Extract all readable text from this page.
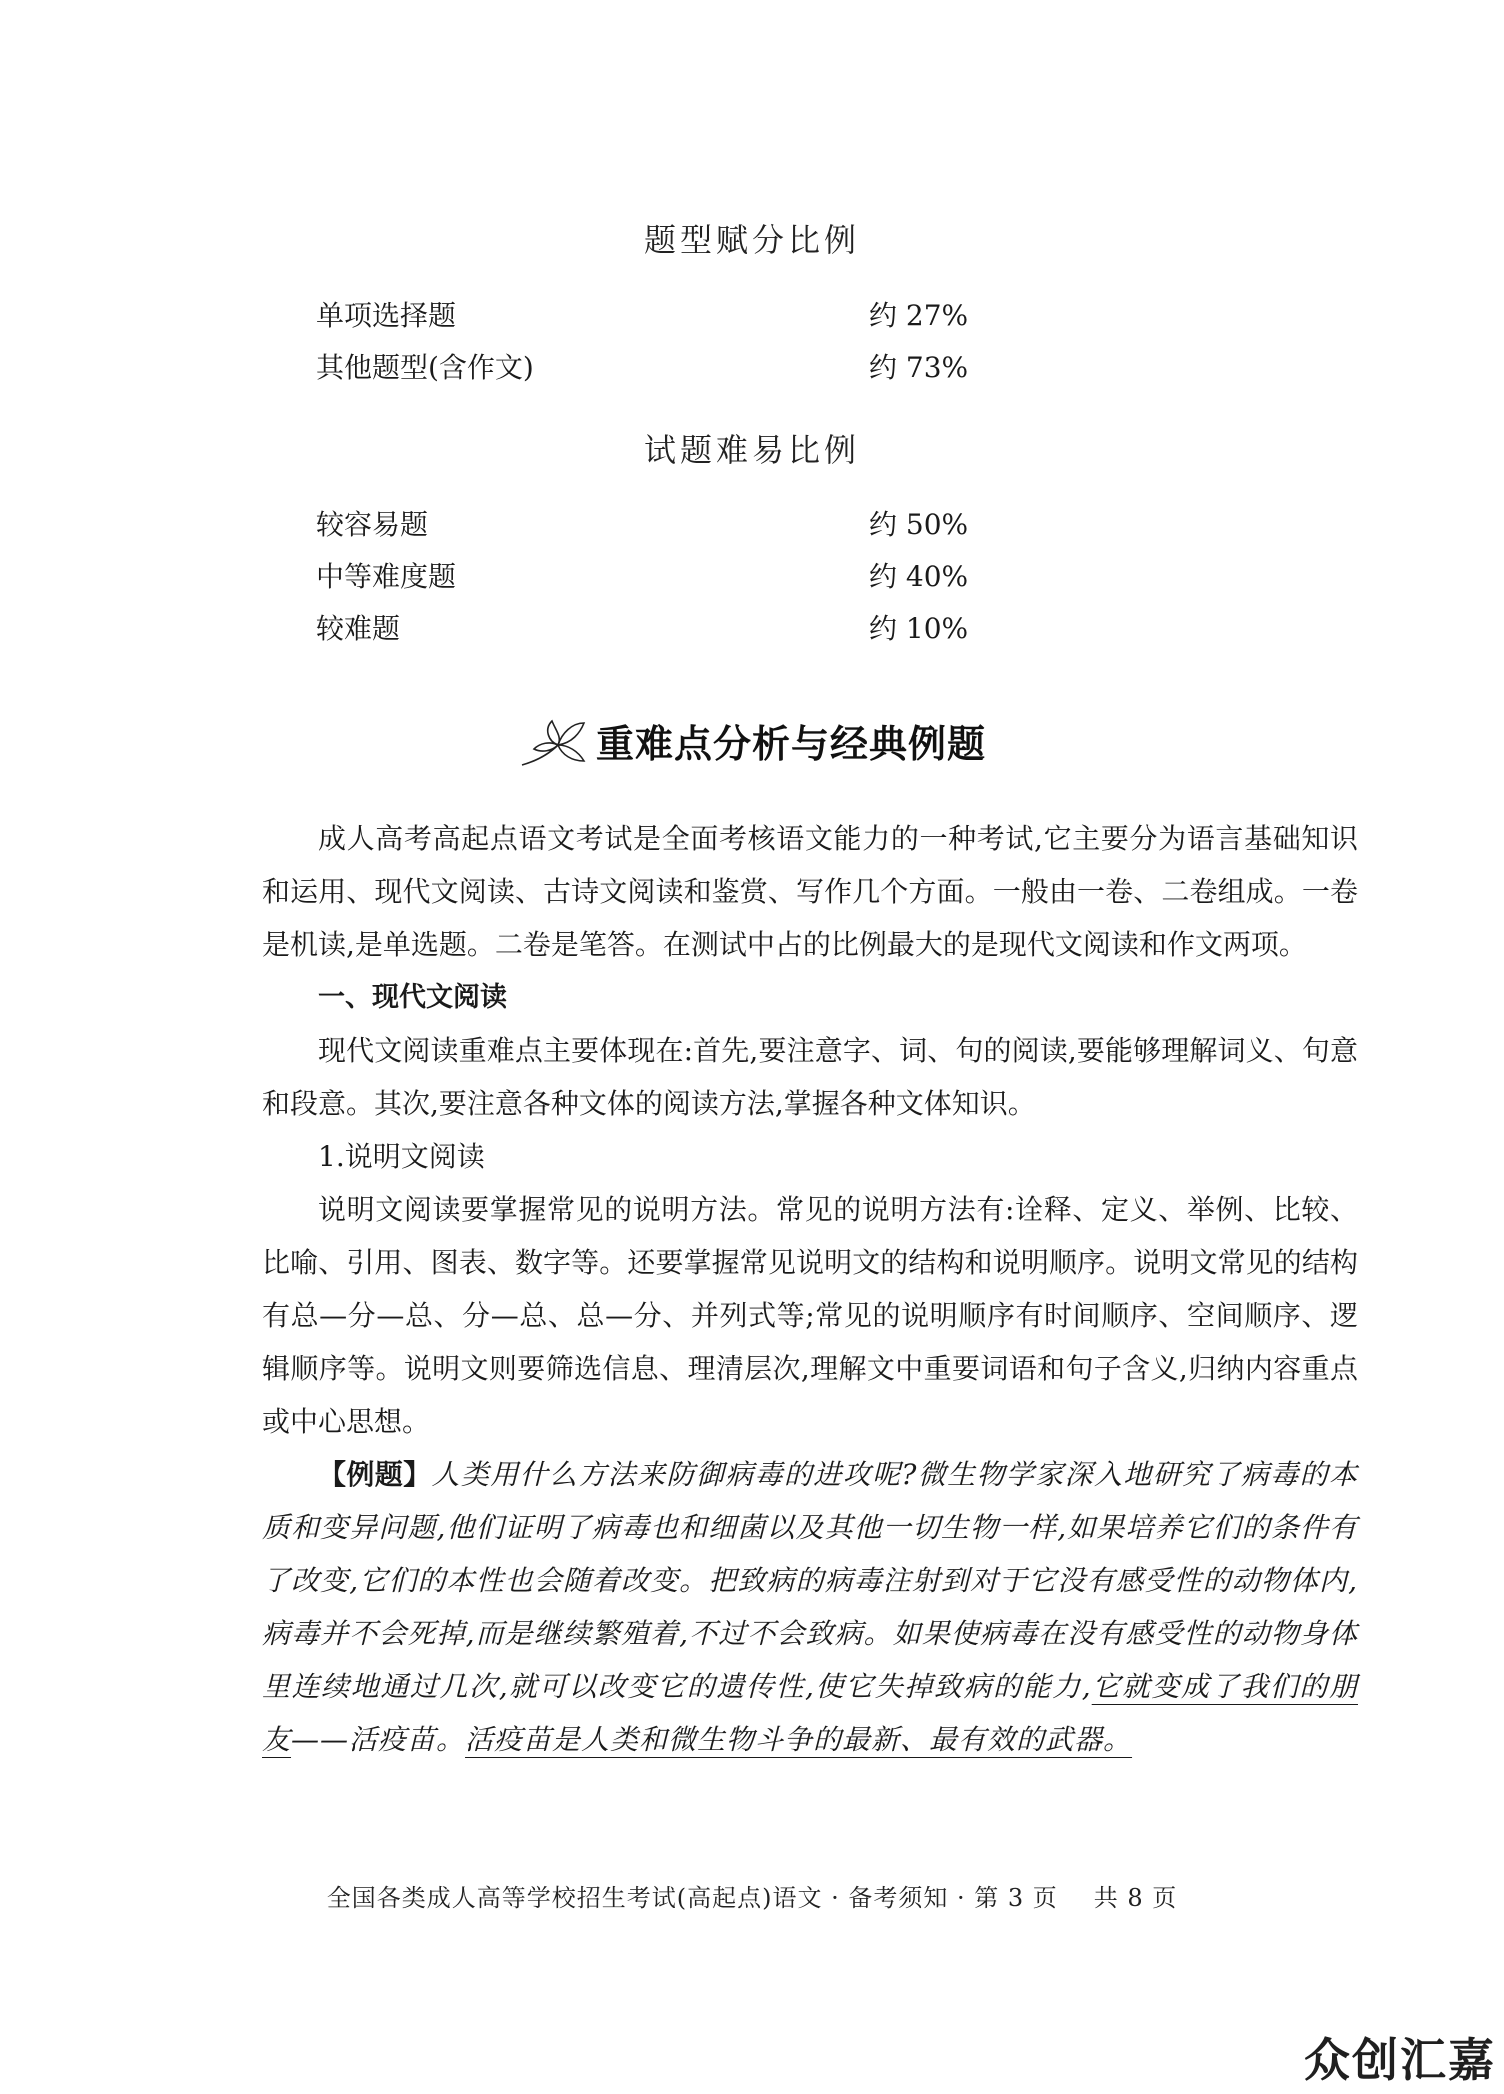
题型赋分比例
单项选择题	约 27%
其他题型(含作文)	约 73%
试题难易比例
较容易题	约 50%
中等难度题	约 40%
较难题	约 10%
重难点分析与经典例题

成人高考高起点语文考试是全面考核语文能力的一种考试,它主要分为语言基础知识和运用、现代文阅读、古诗文阅读和鉴赏、写作几个方面。一般由一卷、二卷组成。一卷是机读,是单选题。二卷是笔答。在测试中占的比例最大的是现代文阅读和作文两项。

一、现代文阅读

现代文阅读重难点主要体现在:首先,要注意字、词、句的阅读,要能够理解词义、句意和段意。其次,要注意各种文体的阅读方法,掌握各种文体知识。

1.说明文阅读

说明文阅读要掌握常见的说明方法。常见的说明方法有:诠释、定义、举例、比较、比喻、引用、图表、数字等。还要掌握常见说明文的结构和说明顺序。说明文常见的结构有总—分—总、分—总、总—分、并列式等;常见的说明顺序有时间顺序、空间顺序、逻辑顺序等。说明文则要筛选信息、理清层次,理解文中重要词语和句子含义,归纳内容重点或中心思想。

【例题】人类用什么方法来防御病毒的进攻呢?微生物学家深入地研究了病毒的本质和变异问题,他们证明了病毒也和细菌以及其他一切生物一样,如果培养它们的条件有了改变,它们的本性也会随着改变。把致病的病毒注射到对于它没有感受性的动物体内,病毒并不会死掉,而是继续繁殖着,不过不会致病。如果使病毒在没有感受性的动物身体里连续地通过几次,就可以改变它的遗传性,使它失掉致病的能力,它就变成了我们的朋友——活疫苗。活疫苗是人类和微生物斗争的最新、最有效的武器。

全国各类成人高等学校招生考试(高起点)语文 · 备考须知 · 第 3 页 共 8 页
众创汇嘉
